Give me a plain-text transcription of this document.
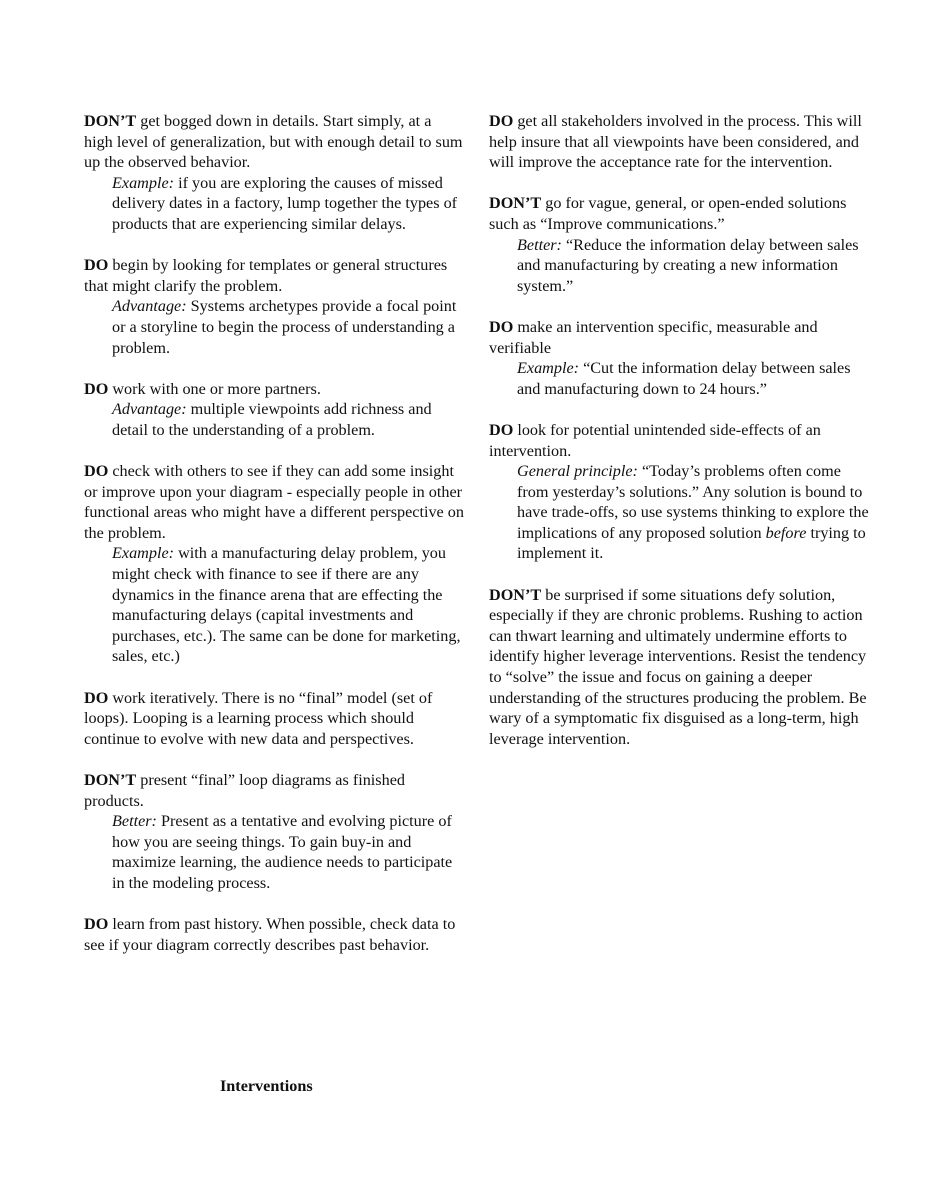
DON’T get bogged down in details. Start simply, at a high level of generalization, but with enough detail to sum up the observed behavior.
Example: if you are exploring the causes of missed delivery dates in a factory, lump together the types of products that are experiencing similar delays.
DO begin by looking for templates or general structures that might clarify the problem.
Advantage: Systems archetypes provide a focal point or a storyline to begin the process of understanding a problem.
DO work with one or more partners.
Advantage: multiple viewpoints add richness and detail to the understanding of a problem.
DO check with others to see if they can add some insight or improve upon your diagram - especially people in other functional areas who might have a different perspective on the problem.
Example: with a manufacturing delay problem, you might check with finance to see if there are any dynamics in the finance arena that are effecting the manufacturing delays (capital investments and purchases, etc.). The same can be done for marketing, sales, etc.)
DO work iteratively. There is no “final” model (set of loops). Looping is a learning process which should continue to evolve with new data and perspectives.
DON’T present “final” loop diagrams as finished products.
Better: Present as a tentative and evolving picture of how you are seeing things. To gain buy-in and maximize learning, the audience needs to participate in the modeling process.
DO learn from past history. When possible, check data to see if your diagram correctly describes past behavior.
Interventions
DO get all stakeholders involved in the process. This will help insure that all viewpoints have been considered, and will improve the acceptance rate for the intervention.
DON’T go for vague, general, or open-ended solutions such as “Improve communications.”
Better: “Reduce the information delay between sales and manufacturing by creating a new information system.”
DO make an intervention specific, measurable and verifiable
Example: “Cut the information delay between sales and manufacturing down to 24 hours.”
DO look for potential unintended side-effects of an intervention.
General principle: “Today’s problems often come from yesterday’s solutions.” Any solution is bound to have trade-offs, so use systems thinking to explore the implications of any proposed solution before trying to implement it.
DON’T be surprised if some situations defy solution, especially if they are chronic problems. Rushing to action can thwart learning and ultimately undermine efforts to identify higher leverage interventions. Resist the tendency to “solve” the issue and focus on gaining a deeper understanding of the structures producing the problem. Be wary of a symptomatic fix disguised as a long-term, high leverage intervention.
